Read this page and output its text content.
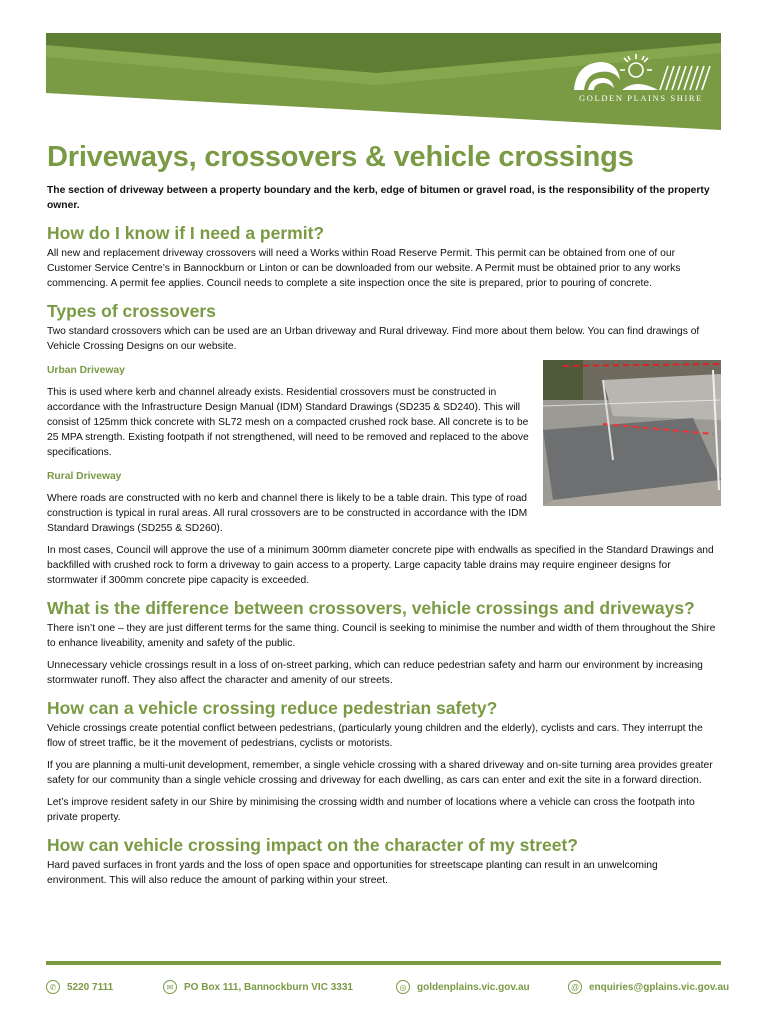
GOLDEN PLAINS SHIRE
Driveways, crossovers & vehicle crossings

The section of driveway between a property boundary and the kerb, edge of bitumen or gravel road, is the responsibility of the property owner.

How do I know if I need a permit?

All new and replacement driveway crossovers will need a Works within Road Reserve Permit. This permit can be obtained from one of our Customer Service Centre’s in Bannockburn or Linton or can be downloaded from our website. A Permit must be obtained prior to any works commencing. A permit fee applies. Council needs to complete a site inspection once the site is prepared, prior to pouring of concrete.

Types of crossovers

Two standard crossovers which can be used are an Urban driveway and Rural driveway. Find more about them below. You can find drawings of Vehicle Crossing Designs on our website.

Urban Driveway

This is used where kerb and channel already exists. Residential crossovers must be constructed in accordance with the Infrastructure Design Manual (IDM) Standard Drawings (SD235 & SD240). This will consist of 125mm thick concrete with SL72 mesh on a compacted crushed rock base. All concrete is to be 25 MPA strength. Existing footpath if not strengthened, will need to be removed and replaced to the above specifications.

Rural Driveway

Where roads are constructed with no kerb and channel there is likely to be a table drain. This type of road construction is typical in rural areas. All rural crossovers are to be constructed in accordance with the IDM Standard Drawings (SD255 & SD260).

In most cases, Council will approve the use of a minimum 300mm diameter concrete pipe with endwalls as specified in the Standard Drawings and backfilled with crushed rock to form a driveway to gain access to a property. Large capacity table drains may require engineer designs for stormwater if 300mm concrete pipe capacity is exceeded.

What is the difference between crossovers, vehicle crossings and driveways?

There isn’t one – they are just different terms for the same thing. Council is seeking to minimise the number and width of them throughout the Shire to enhance liveability, amenity and safety of the public.

Unnecessary vehicle crossings result in a loss of on-street parking, which can reduce pedestrian safety and harm our environment by increasing stormwater runoff. They also affect the character and amenity of our streets.

How can a vehicle crossing reduce pedestrian safety?

Vehicle crossings create potential conflict between pedestrians, (particularly young children and the elderly), cyclists and cars. They interrupt the flow of street traffic, be it the movement of pedestrians, cyclists or motorists.

If you are planning a multi-unit development, remember, a single vehicle crossing with a shared driveway and on-site turning area provides greater safety for our community than a single vehicle crossing and driveway for each dwelling, as cars can enter and exit the site in a forward direction.

Let’s improve resident safety in our Shire by minimising the crossing width and number of locations where a vehicle can cross the footpath into private property.

How can vehicle crossing impact on the character of my street?

Hard paved surfaces in front yards and the loss of open space and opportunities for streetscape planting can result in an unwelcoming environment. This will also reduce the amount of parking within your street.

✆	5220 7111	✉	PO Box 111, Bannockburn VIC 3331	◎	goldenplains.vic.gov.au	@ enquiries@gplains.vic.gov.au
